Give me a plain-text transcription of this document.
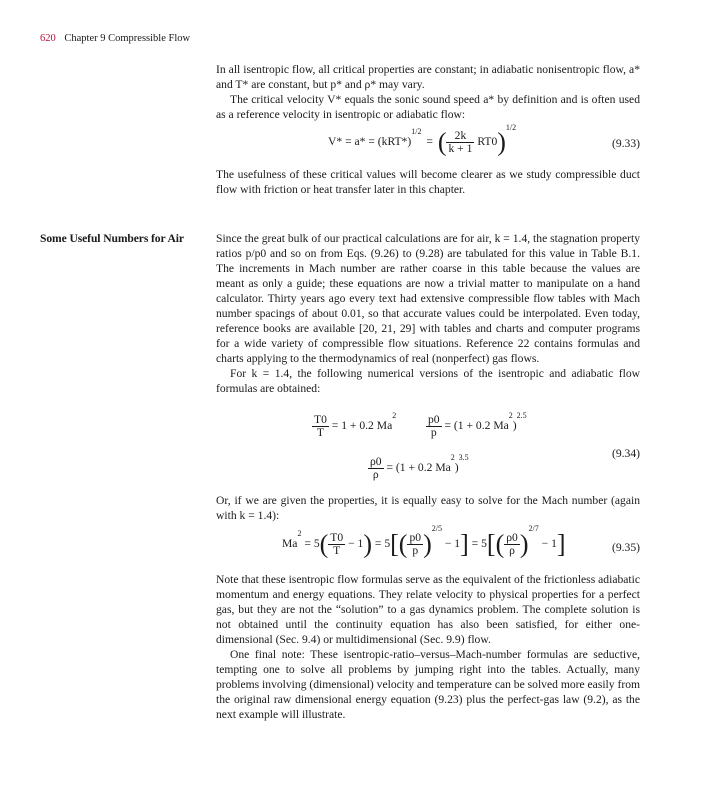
620 Chapter 9 Compressible Flow

In all isentropic flow, all critical properties are constant; in adiabatic nonisentropic flow, a* and T* are constant, but p* and ρ* may vary.

The critical velocity V* equals the sonic sound speed a* by definition and is often used as a reference velocity in isentropic or adiabatic flow:

$V* = a* = (kRT*)^{1/2}$ = ( $\frac{2k}{k + 1} RT0)^{1/2}$
(9.33)

The usefulness of these critical values will become clearer as we study compressible duct flow with friction or heat transfer later in this chapter.

Some Useful Numbers for Air	Since the great bulk of our practical calculations are for air, k = 1.4, the stagnation property ratios p/p0 and so on from Eqs. (9.26) to (9.28) are tabulated for this value in Table B.1. The increments in Mach number are rather coarse in this table because the values are meant as only a guide; these equations are now a trivial matter to manipulate on a hand calculator. Thirty years ago every text had extensive compressible flow tables with Mach number spacings of about 0.01, so that accurate values could be interpolated. Even today, reference books are available [20, 21, 29] with tables and charts and computer programs for a wide variety of compressible flow situations. Reference 22 contains formulas and charts applying to the thermodynamics of real (nonperfect) gas flows.

For k = 1.4, the following numerical versions of the isentropic and adiabatic flow formulas are obtained:

$\frac{T0}{T} = 1 + 0.2$ Ma$^2$	$\frac{p0}{p} = (1 + 0.2$ Ma$^2$)$^{2.5}$
$\frac{\rho 0}{\rho} = (1 + 0.2$ Ma$^2$)$^{3.5}$	(9.34)

Or, if we are given the properties, it is equally easy to solve for the Mach number (again with k = 1.4):

$Ma^2 = 5( \frac{T0}{T} - 1) = 5[( \frac{p0}{p} )^{2/5} - 1] = 5[( \frac{\rho 0}{\rho} )^{2/7} - 1]$	(9.35)

Note that these isentropic flow formulas serve as the equivalent of the frictionless adiabatic momentum and energy equations. They relate velocity to physical properties for a perfect gas, but they are not the “solution” to a gas dynamics problem. The complete solution is not obtained until the continuity equation has also been satisfied, for either one-dimensional (Sec. 9.4) or multidimensional (Sec. 9.9) flow.

One final note: These isentropic-ratio–versus–Mach-number formulas are seductive, tempting one to solve all problems by jumping right into the tables. Actually, many problems involving (dimensional) velocity and temperature can be solved more easily from the original raw dimensional energy equation (9.23) plus the perfect-gas law (9.2), as the next example will illustrate.
